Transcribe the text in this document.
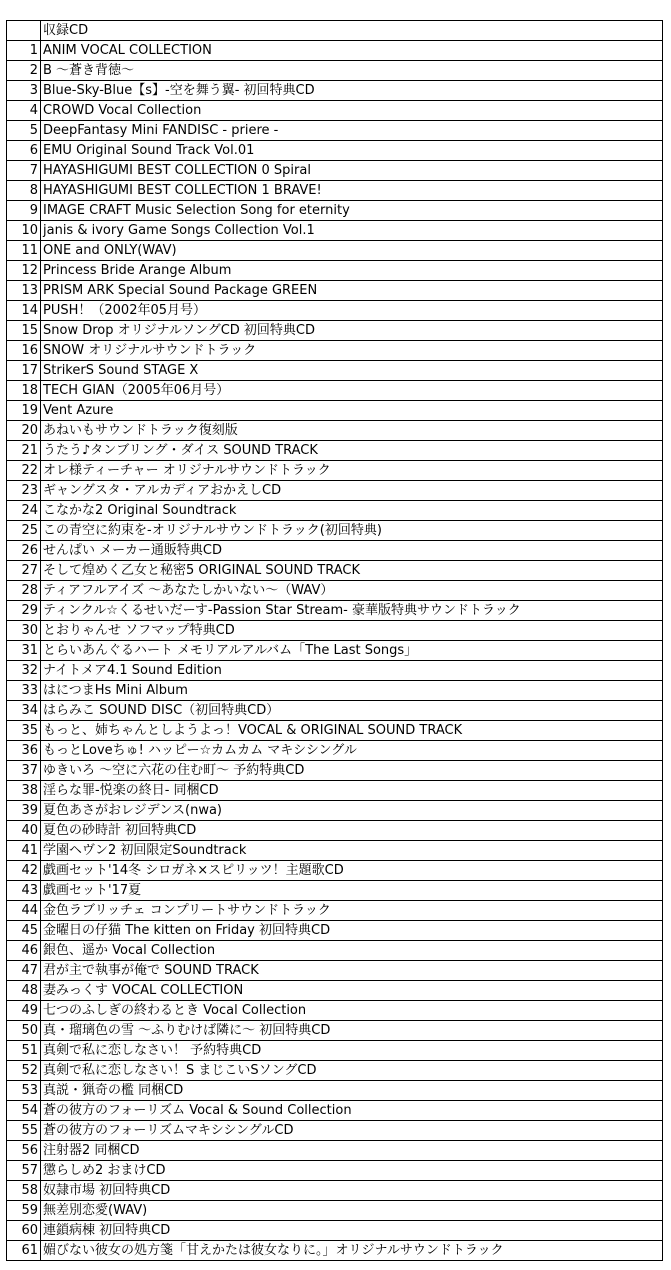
	収録CD
1	ANIM VOCAL COLLECTION
2	B ～蒼き背徳～
3	Blue-Sky-Blue【s】-空を舞う翼- 初回特典CD
4	CROWD Vocal Collection
5	DeepFantasy Mini FANDISC - priere -
6	EMU Original Sound Track Vol.01
7	HAYASHIGUMI BEST COLLECTION 0 Spiral
8	HAYASHIGUMI BEST COLLECTION 1 BRAVE!
9	IMAGE CRAFT Music Selection Song for eternity
10	janis & ivory Game Songs Collection Vol.1
11	ONE and ONLY(WAV)
12	Princess Bride Arange Album
13	PRISM ARK Special Sound Package GREEN
14	PUSH！（2002年05月号）
15	Snow Drop オリジナルソングCD 初回特典CD
16	SNOW オリジナルサウンドトラック
17	StrikerS Sound STAGE X
18	TECH GIAN（2005年06月号）
19	Vent Azure
20	あねいもサウンドトラック復刻版
21	うたう♪タンブリング・ダイス SOUND TRACK
22	オレ様ティーチャー オリジナルサウンドトラック
23	ギャングスタ・アルカディアおかえしCD
24	こなかな2 Original Soundtrack
25	この青空に約束を-オリジナルサウンドトラック(初回特典)
26	せんぱい メーカー通販特典CD
27	そして煌めく乙女と秘密5 ORIGINAL SOUND TRACK
28	ティアフルアイズ ～あなたしかいない～（WAV）
29	ティンクル☆くるせいだーす-Passion Star Stream- 豪華版特典サウンドトラック
30	とおりゃんせ ソフマップ特典CD
31	とらいあんぐるハート メモリアルアルバム「The Last Songs」
32	ナイトメア4.1 Sound Edition
33	はにつまHs Mini Album
34	はらみこ SOUND DISC（初回特典CD）
35	もっと、姉ちゃんとしようよっ！VOCAL & ORIGINAL SOUND TRACK
36	もっとLoveちゅ! ハッピー☆カムカム マキシシングル
37	ゆきいろ ～空に六花の住む町～ 予約特典CD
38	淫らな罪-悦楽の終日- 同梱CD
39	夏色あさがおレジデンス(nwa)
40	夏色の砂時計 初回特典CD
41	学園ヘヴン2 初回限定Soundtrack
42	戯画セット'14冬 シロガネ×スピリッツ！主題歌CD
43	戯画セット'17夏
44	金色ラブリッチェ コンプリートサウンドトラック
45	金曜日の仔猫 The kitten on Friday 初回特典CD
46	銀色、遥か Vocal Collection
47	君が主で執事が俺で SOUND TRACK
48	妻みっくす VOCAL COLLECTION
49	七つのふしぎの終わるとき Vocal Collection
50	真・瑠璃色の雪 ～ふりむけば隣に～ 初回特典CD
51	真剣で私に恋しなさい！ 予約特典CD
52	真剣で私に恋しなさい！S まじこいSソングCD
53	真説・猟奇の檻 同梱CD
54	蒼の彼方のフォーリズム Vocal & Sound Collection
55	蒼の彼方のフォーリズムマキシシングルCD
56	注射器2 同梱CD
57	懲らしめ2 おまけCD
58	奴隷市場 初回特典CD
59	無差別恋愛(WAV)
60	連鎖病棟 初回特典CD
61	媚びない彼女の処方箋「甘えかたは彼女なりに。」オリジナルサウンドトラック
